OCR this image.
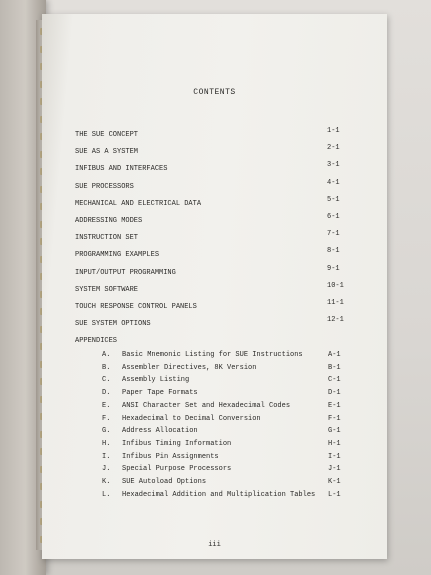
CONTENTS
THE SUE CONCEPT	1-1
SUE AS A SYSTEM	2-1
INFIBUS AND INTERFACES	3-1
SUE PROCESSORS	4-1
MECHANICAL AND ELECTRICAL DATA	5-1
ADDRESSING MODES	6-1
INSTRUCTION SET	7-1
PROGRAMMING EXAMPLES	8-1
INPUT/OUTPUT PROGRAMMING	9-1
SYSTEM SOFTWARE	10-1
TOUCH RESPONSE CONTROL PANELS	11-1
SUE SYSTEM OPTIONS	12-1
APPENDICES
A. Basic Mnemonic Listing for SUE Instructions	A-1
B. Assembler Directives, 8K Version	B-1
C. Assembly Listing	C-1
D. Paper Tape Formats	D-1
E. ANSI Character Set and Hexadecimal Codes	E-1
F. Hexadecimal to Decimal Conversion	F-1
G. Address Allocation	G-1
H. Infibus Timing Information	H-1
I. Infibus Pin Assignments	I-1
J. Special Purpose Processors	J-1
K. SUE Autoload Options	K-1
L. Hexadecimal Addition and Multiplication Tables L-1
iii
